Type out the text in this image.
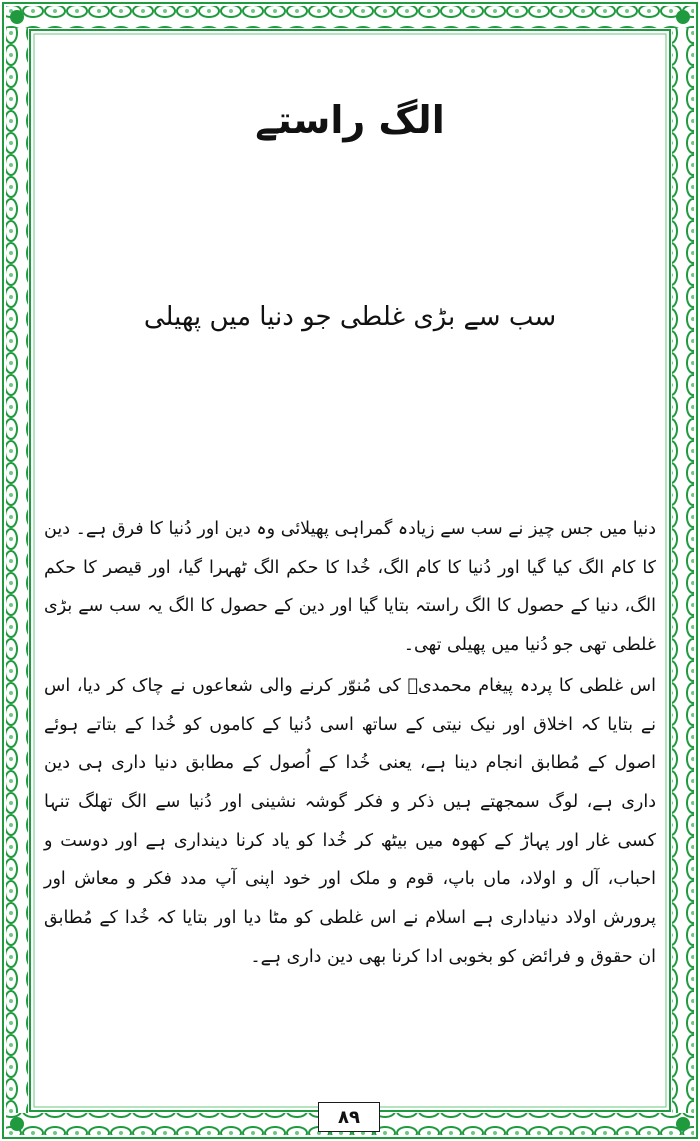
الگ راستے
سب سے بڑی غلطی جو دنیا میں پھیلی

دنیا میں جس چیز نے سب سے زیادہ گمراہی پھیلائی وہ دین اور دُنیا کا فرق ہے۔ دین کا کام الگ کیا گیا اور دُنیا کا کام الگ، خُدا کا حکم الگ ٹھہرا گیا، اور قیصر کا حکم الگ، دنیا کے حصول کا الگ راستہ بتایا گیا اور دین کے حصول کا الگ یہ سب سے بڑی غلطی تھی جو دُنیا میں پھیلی تھی۔

اس غلطی کا پردہ پیغام محمدیؐ کی مُنوّر کرنے والی شعاعوں نے چاک کر دیا، اس نے بتایا کہ اخلاق اور نیک نیتی کے ساتھ اسی دُنیا کے کاموں کو خُدا کے بتاتے ہوئے اصول کے مُطابق انجام دینا ہے، یعنی خُدا کے اُصول کے مطابق دنیا داری ہی دین داری ہے، لوگ سمجھتے ہیں ذکر و فکر گوشہ نشینی اور دُنیا سے الگ تھلگ تنہا کسی غار اور پہاڑ کے کھوہ میں بیٹھ کر خُدا کو یاد کرنا دینداری ہے اور دوست و احباب، آل و اولاد، ماں باپ، قوم و ملک اور خود اپنی آپ مدد فکر و معاش اور پرورش اولاد دنیاداری ہے اسلام نے اس غلطی کو مٹا دیا اور بتایا کہ خُدا کے مُطابق ان حقوق و فرائض کو بخوبی ادا کرنا بھی دین داری ہے۔

۸۹
